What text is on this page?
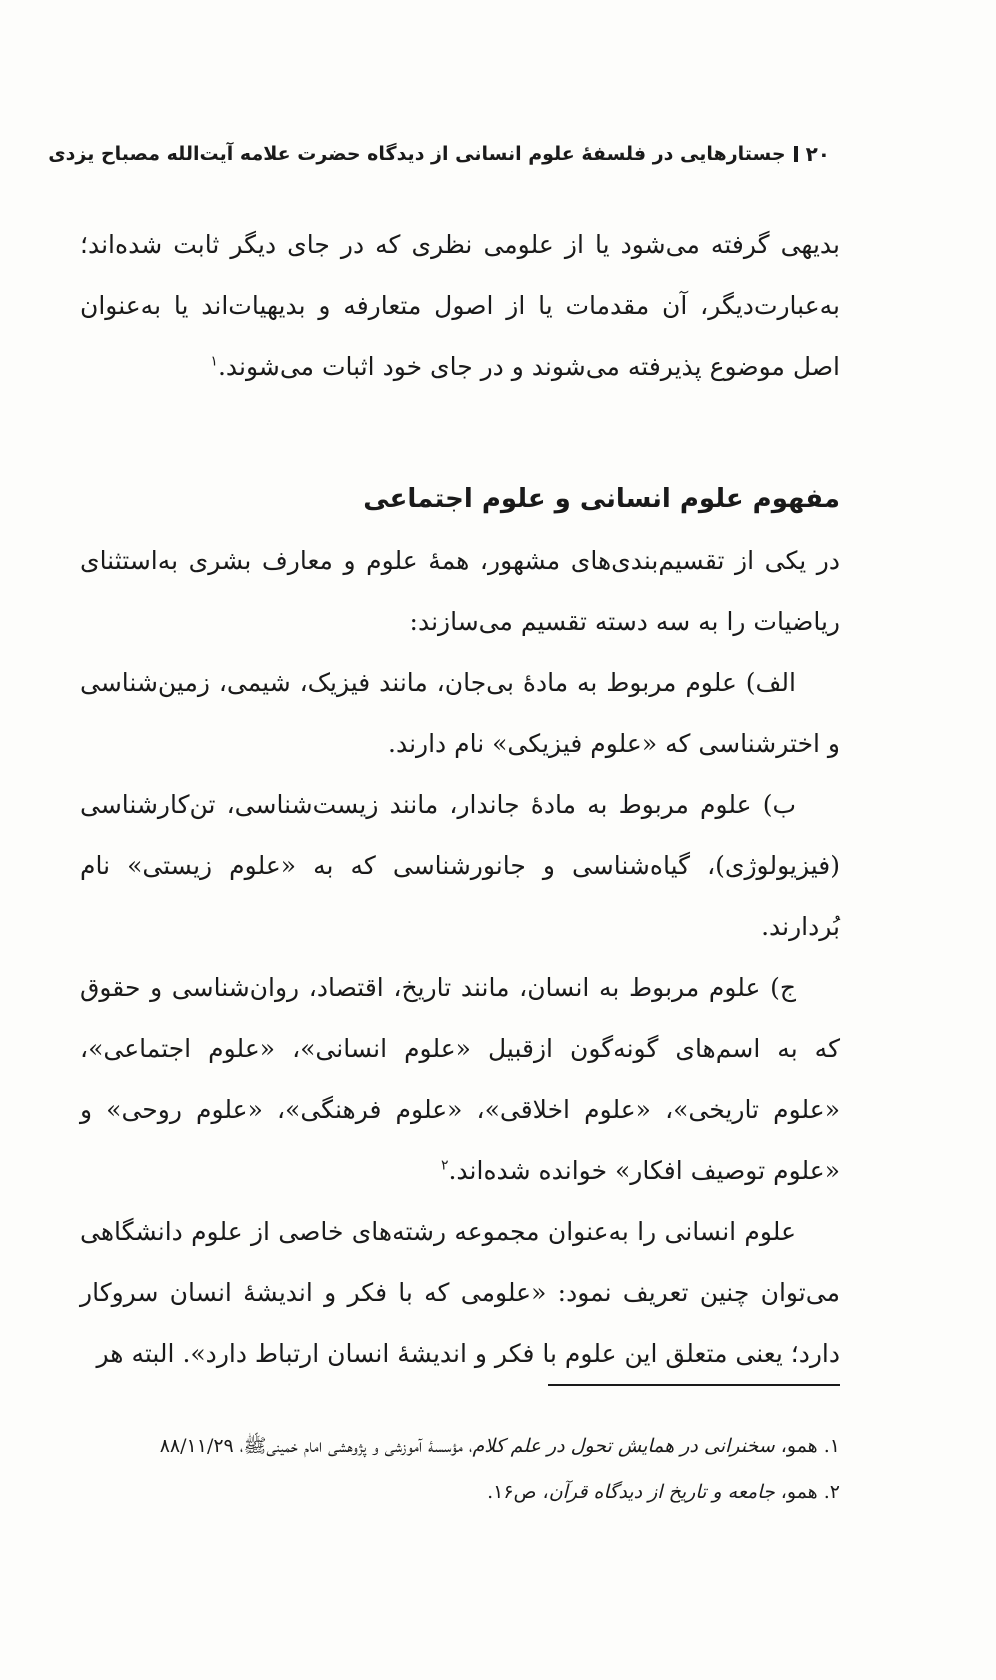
۲۰
جستارهایی در فلسفهٔ علوم انسانی از دیدگاه حضرت علامه آیت‌الله مصباح یزدی

بدیهی گرفته می‌شود یا از علومی نظری که در جای دیگر ثابت شده‌اند؛ به‌عبارت‌دیگر، آن مقدمات یا از اصول متعارفه و بدیهیات‌اند یا به‌عنوان اصل موضوع پذیرفته می‌شوند و در جای خود اثبات می‌شوند.$^۱$

مفهوم علوم انسانی و علوم اجتماعی

در یکی از تقسیم‌بندی‌های مشهور، همهٔ علوم و معارف بشری به‌استثنای ریاضیات را به سه دسته تقسیم می‌سازند:

الف) علوم مربوط به مادهٔ بی‌جان، مانند فیزیک، شیمی، زمین‌شناسی و اخترشناسی که «علوم فیزیکی» نام دارند.

ب) علوم مربوط به مادهٔ جاندار، مانند زیست‌شناسی، تن‌کارشناسی (فیزیولوژی)، گیاه‌شناسی و جانورشناسی که به «علوم زیستی» نام بُردارند.

ج) علوم مربوط به انسان، مانند تاریخ، اقتصاد، روان‌شناسی و حقوق که به اسم‌های گونه‌گون ازقبیل «علوم انسانی»، «علوم اجتماعی»، «علوم تاریخی»، «علوم اخلاقی»، «علوم فرهنگی»، «علوم روحی» و «علوم توصیف افکار» خوانده شده‌اند.$^۲$

علوم انسانی را به‌عنوان مجموعه رشته‌های خاصی از علوم دانشگاهی می‌توان چنین تعریف نمود: «علومی که با فکر و اندیشهٔ انسان سروکار دارد؛ یعنی متعلق این علوم با فکر و اندیشهٔ انسان ارتباط دارد». البته هر

۱. همو، سخنرانی در همایش تحول در علم کلام، مؤسسهٔ آموزشی و پژوهشی امام خمینی‌ﷺ، ۸۸/۱۱/۲۹

۲. همو، جامعه و تاریخ از دیدگاه قرآن، ص۱۶.
